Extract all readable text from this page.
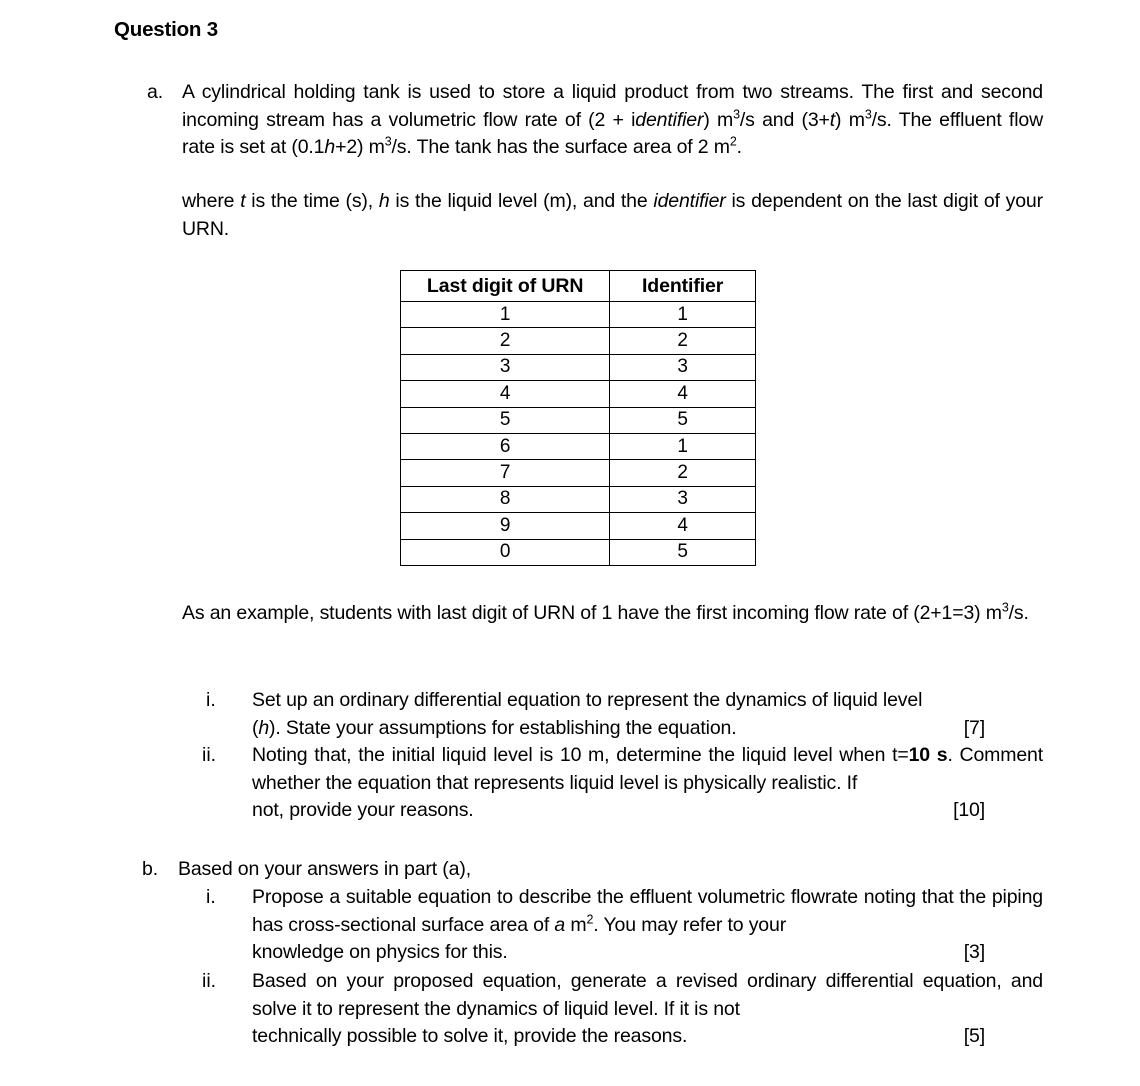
Question 3
a. A cylindrical holding tank is used to store a liquid product from two streams. The first and second incoming stream has a volumetric flow rate of (2 + identifier) $m^3/s$ and (3+t) $m^3/s$. The effluent flow rate is set at (0.1h+2) $m^3/s$. The tank has the surface area of 2 $m^2$.
where t is the time (s), h is the liquid level (m), and the identifier is dependent on the last digit of your URN.
Last digit of URN	Identifier
1	1
2	2
3	3
4	4
5	5
6	1
7	2
8	3
9	4
0	5
As an example, students with last digit of URN of 1 have the first incoming flow rate of (2+1=3) $m^3/s$.
i. Set up an ordinary differential equation to represent the dynamics of liquid level
(h). State your assumptions for establishing the equation.	[7]
ii. Noting that, the initial liquid level is 10 m, determine the liquid level when t=10 s. Comment whether the equation that represents liquid level is physically realistic. If
not, provide your reasons.	[10]
b. Based on your answers in part (a),
i. Propose a suitable equation to describe the effluent volumetric flowrate noting that the piping has cross-sectional surface area of a $m^2$. You may refer to your
knowledge on physics for this.	[3]
ii. Based on your proposed equation, generate a revised ordinary differential equation, and solve it to represent the dynamics of liquid level. If it is not
technically possible to solve it, provide the reasons.	[5]
